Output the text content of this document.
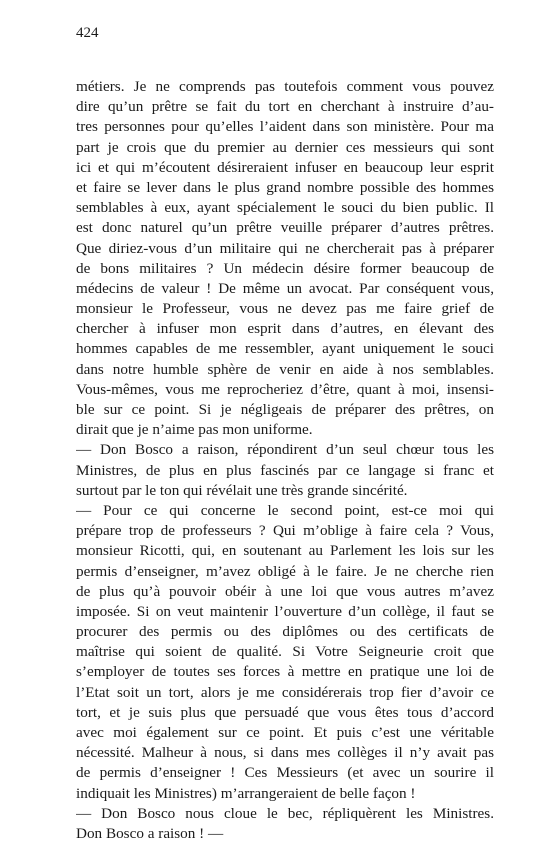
424
métiers. Je ne comprends pas toutefois comment vous pouvez
dire qu’un prêtre se fait du tort en cherchant à instruire d’au-
tres personnes pour qu’elles l’aident dans son ministère. Pour ma
part je crois que du premier au dernier ces messieurs qui sont
ici et qui m’écoutent désireraient infuser en beaucoup leur esprit
et faire se lever dans le plus grand nombre possible des hommes
semblables à eux, ayant spécialement le souci du bien public. Il
est donc naturel qu’un prêtre veuille préparer d’autres prêtres.
Que diriez-vous d’un militaire qui ne chercherait pas à préparer
de bons militaires ? Un médecin désire former beaucoup de
médecins de valeur ! De même un avocat. Par conséquent vous,
monsieur le Professeur, vous ne devez pas me faire grief de
chercher à infuser mon esprit dans d’autres, en élevant des
hommes capables de me ressembler, ayant uniquement le souci
dans notre humble sphère de venir en aide à nos semblables.
Vous-mêmes, vous me reprocheriez d’être, quant à moi, insensi-
ble sur ce point. Si je négligeais de préparer des prêtres, on
dirait que je n’aime pas mon uniforme.
— Don Bosco a raison, répondirent d’un seul chœur tous les
Ministres, de plus en plus fascinés par ce langage si franc et
surtout par le ton qui révélait une très grande sincérité.
— Pour ce qui concerne le second point, est-ce moi qui
prépare trop de professeurs ? Qui m’oblige à faire cela ? Vous,
monsieur Ricotti, qui, en soutenant au Parlement les lois sur les
permis d’enseigner, m’avez obligé à le faire. Je ne cherche rien
de plus qu’à pouvoir obéir à une loi que vous autres m’avez
imposée. Si on veut maintenir l’ouverture d’un collège, il faut se
procurer des permis ou des diplômes ou des certificats de
maîtrise qui soient de qualité. Si Votre Seigneurie croit que
s’employer de toutes ses forces à mettre en pratique une loi de
l’Etat soit un tort, alors je me considérerais trop fier d’avoir ce
tort, et je suis plus que persuadé que vous êtes tous d’accord
avec moi également sur ce point. Et puis c’est une véritable
nécessité. Malheur à nous, si dans mes collèges il n’y avait pas
de permis d’enseigner ! Ces Messieurs (et avec un sourire il
indiquait les Ministres) m’arrangeraient de belle façon !
— Don Bosco nous cloue le bec, répliquèrent les Ministres.
Don Bosco a raison ! —
